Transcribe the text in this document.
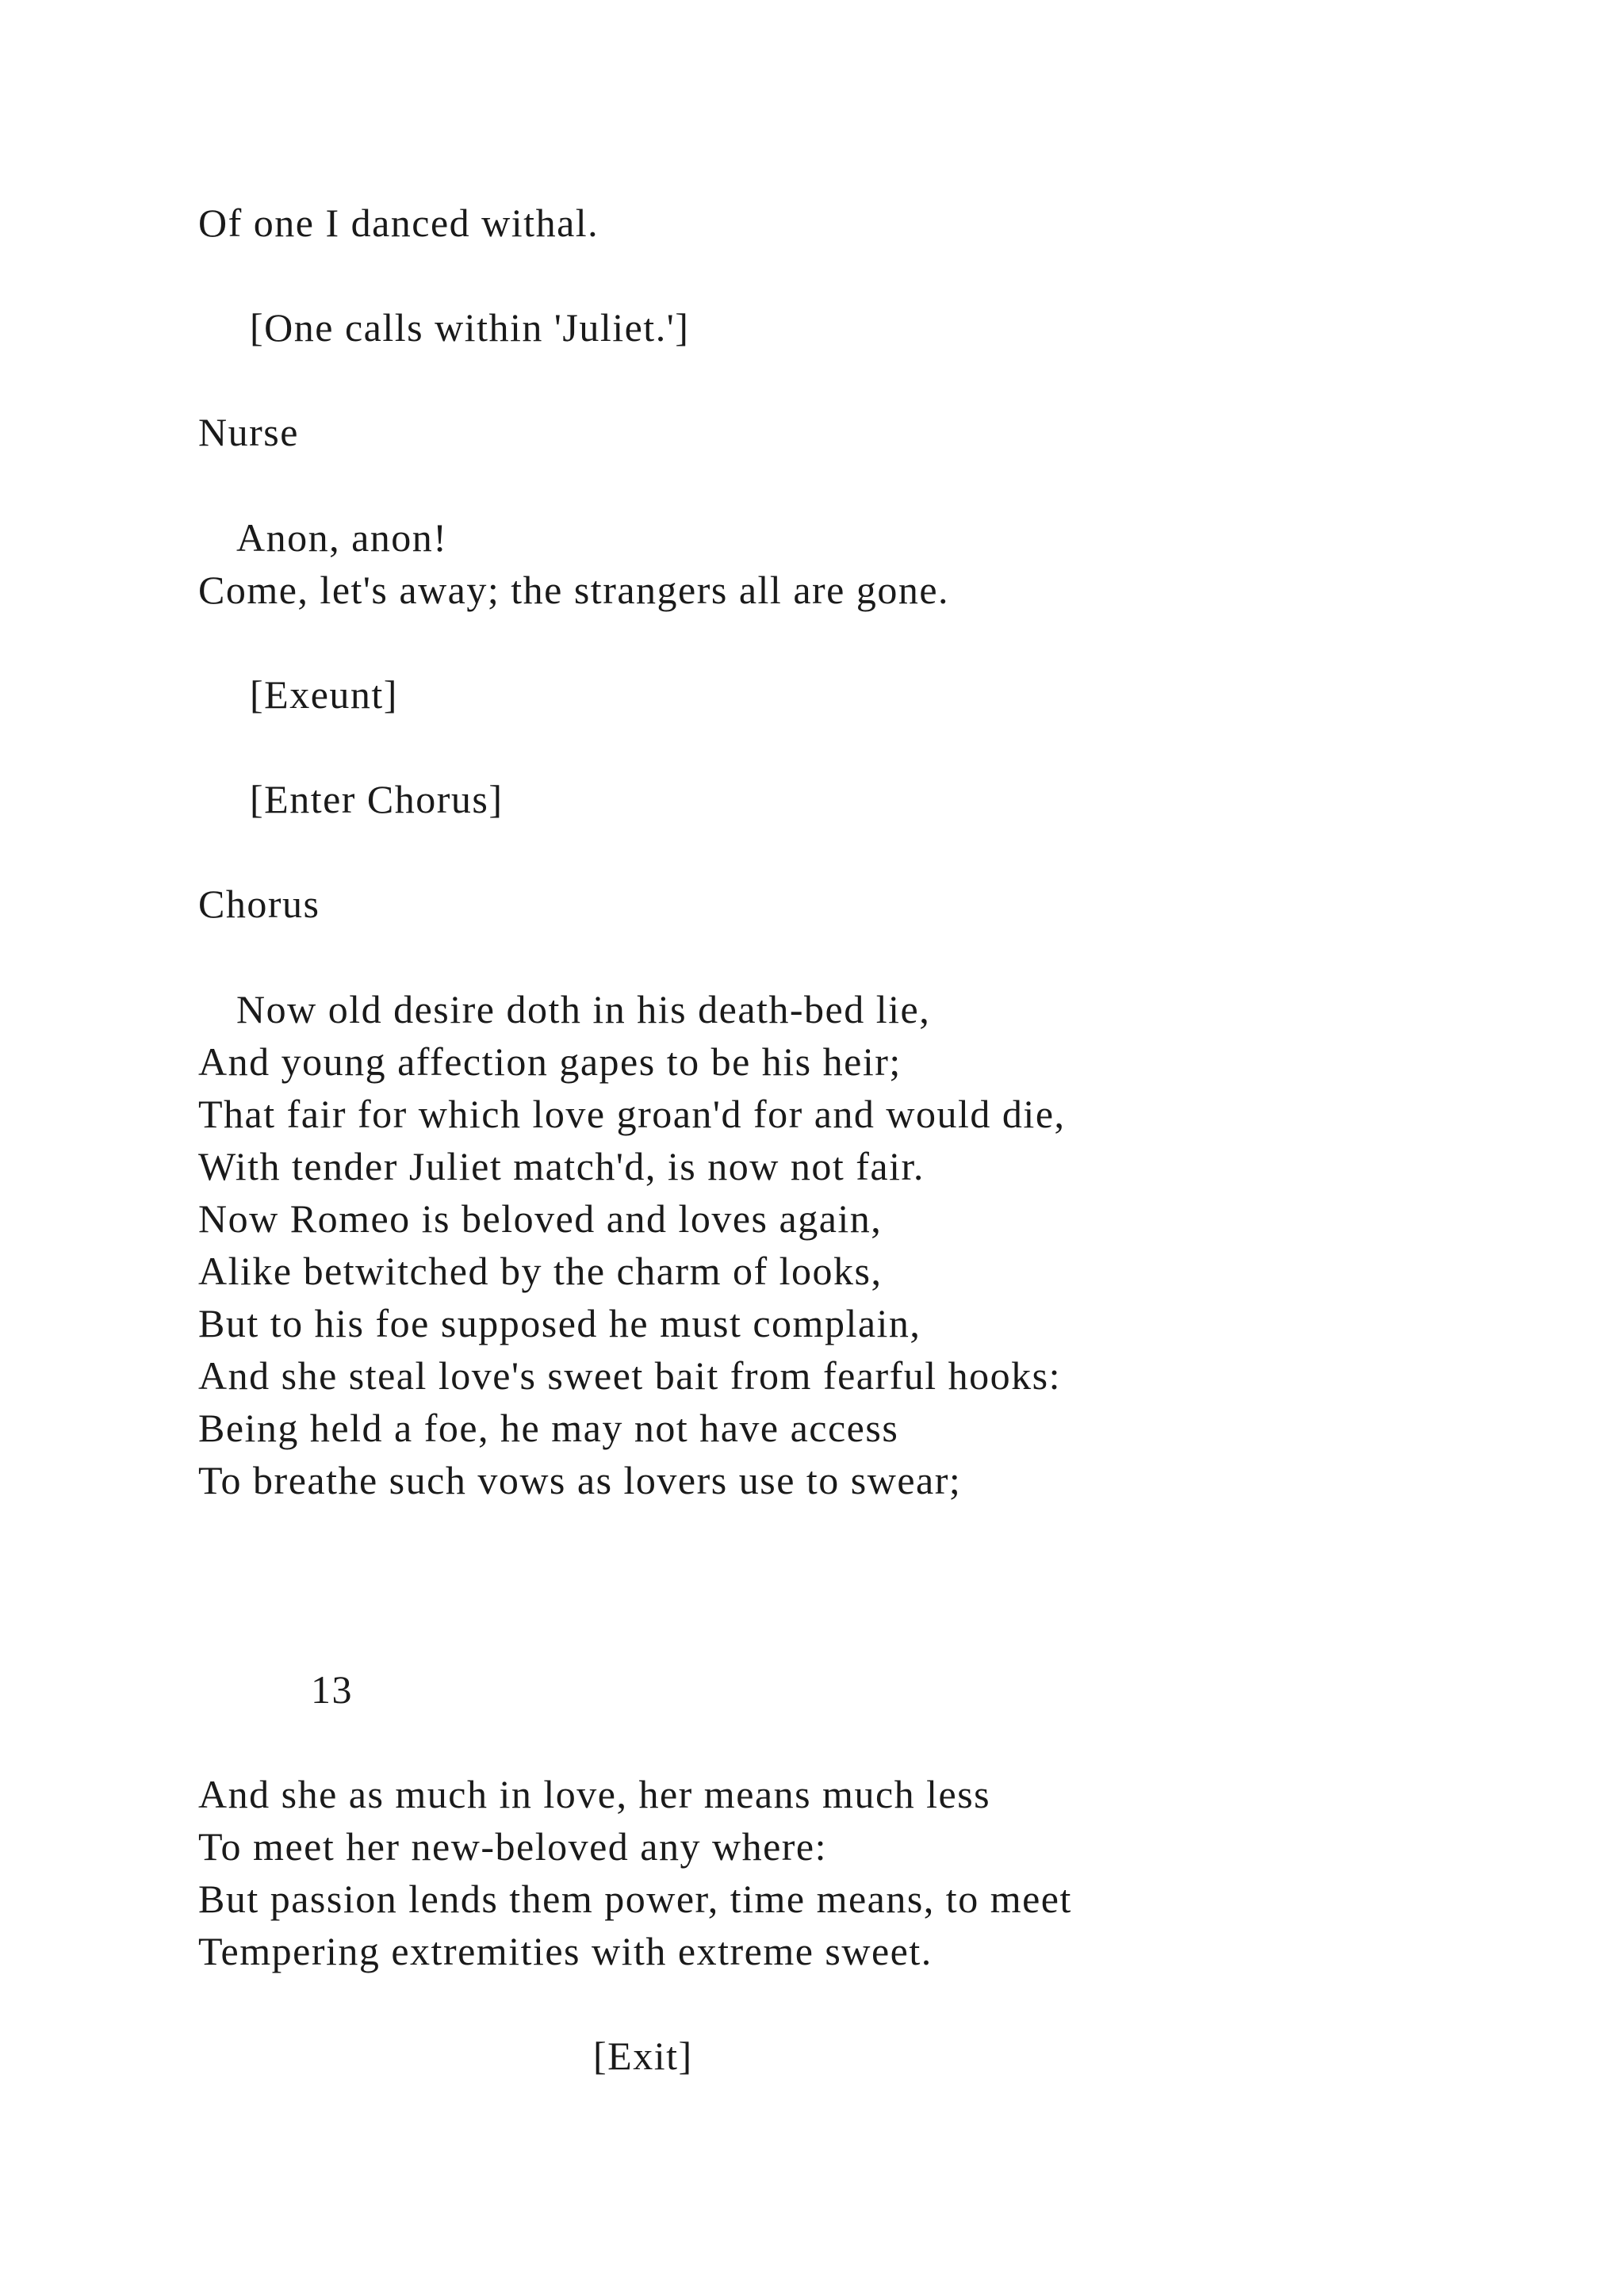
Of one I danced withal.

[One calls within 'Juliet.']

Nurse

Anon, anon!

Come, let's away; the strangers all are gone.

[Exeunt]

[Enter Chorus]

Chorus

Now old desire doth in his death-bed lie,

And young affection gapes to be his heir;

That fair for which love groan'd for and would die,

With tender Juliet match'd, is now not fair.

Now Romeo is beloved and loves again,

Alike betwitched by the charm of looks,

But to his foe supposed he must complain,

And she steal love's sweet bait from fearful hooks:

Being held a foe, he may not have access

To breathe such vows as lovers use to swear;

13

And she as much in love, her means much less

To meet her new-beloved any where:

But passion lends them power, time means, to meet

Tempering extremities with extreme sweet.

[Exit]
